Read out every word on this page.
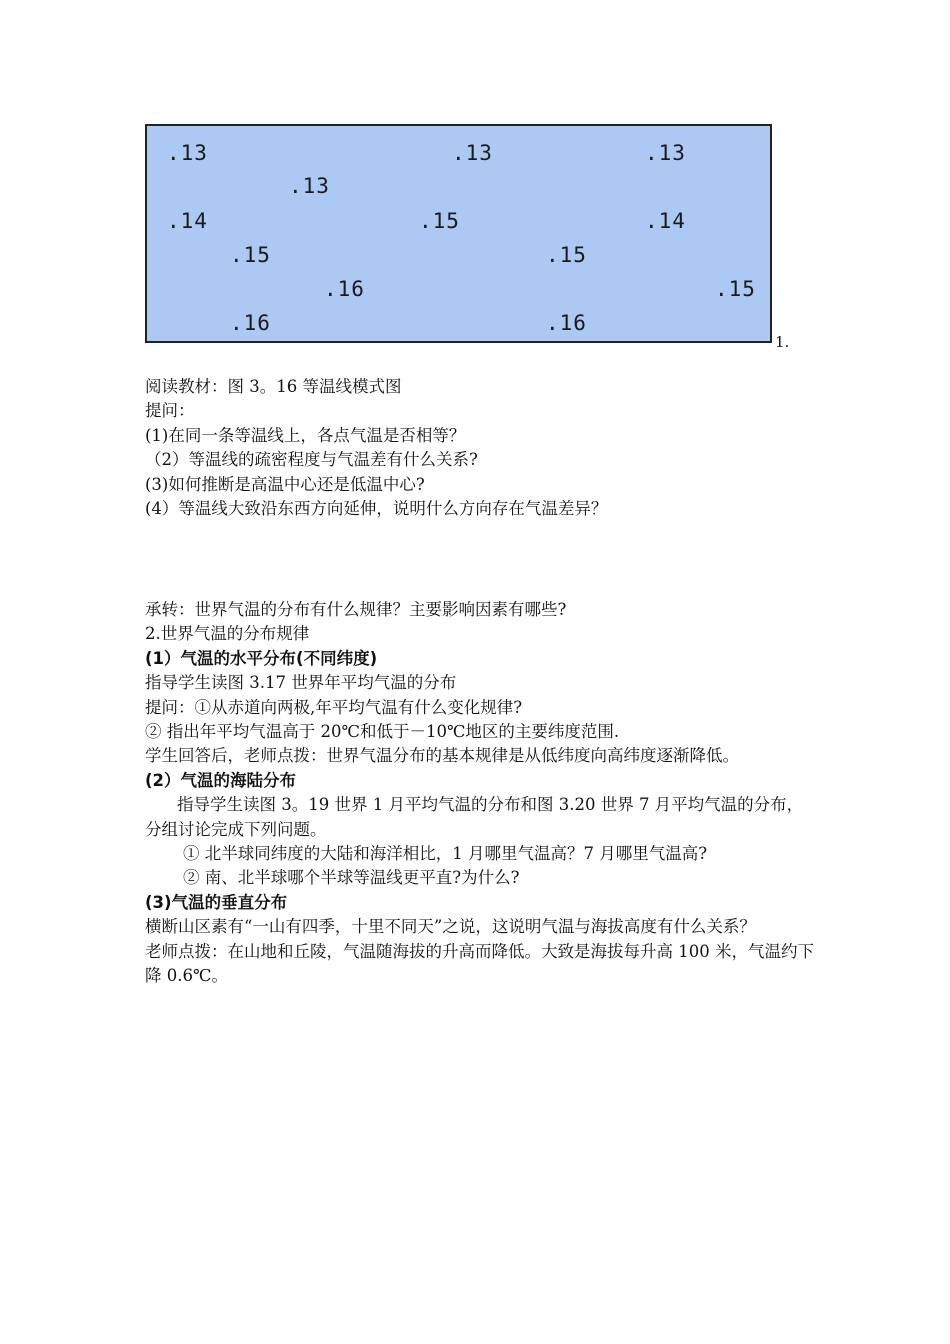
.13	.13	.13
.13
.14	.15	.14
.15	.15
.16	.15
.16	.16
1.

阅读教材：图 3。16 等温线模式图

提问：

(1)在同一条等温线上，各点气温是否相等？

（2）等温线的疏密程度与气温差有什么关系?

(3)如何推断是高温中心还是低温中心?

(4）等温线大致沿东西方向延伸，说明什么方向存在气温差异？

承转：世界气温的分布有什么规律？主要影响因素有哪些?

2.世界气温的分布规律

(1）气温的水平分布(不同纬度)

指导学生读图 3.17 世界年平均气温的分布

提问：①从赤道向两极,年平均气温有什么变化规律?

② 指出年平均气温高于 20℃和低于－10℃地区的主要纬度范围.

学生回答后，老师点拨：世界气温分布的基本规律是从低纬度向高纬度逐渐降低。

(2）气温的海陆分布

指导学生读图 3。19 世界 1 月平均气温的分布和图 3.20 世界 7 月平均气温的分布，分组讨论完成下列问题。

① 北半球同纬度的大陆和海洋相比，1 月哪里气温高？7 月哪里气温高?

② 南、北半球哪个半球等温线更平直?为什么?

(3)气温的垂直分布

横断山区素有“一山有四季，十里不同天”之说，这说明气温与海拔高度有什么关系？

老师点拨：在山地和丘陵，气温随海拔的升高而降低。大致是海拔每升高 100 米，气温约下降 0.6℃。
